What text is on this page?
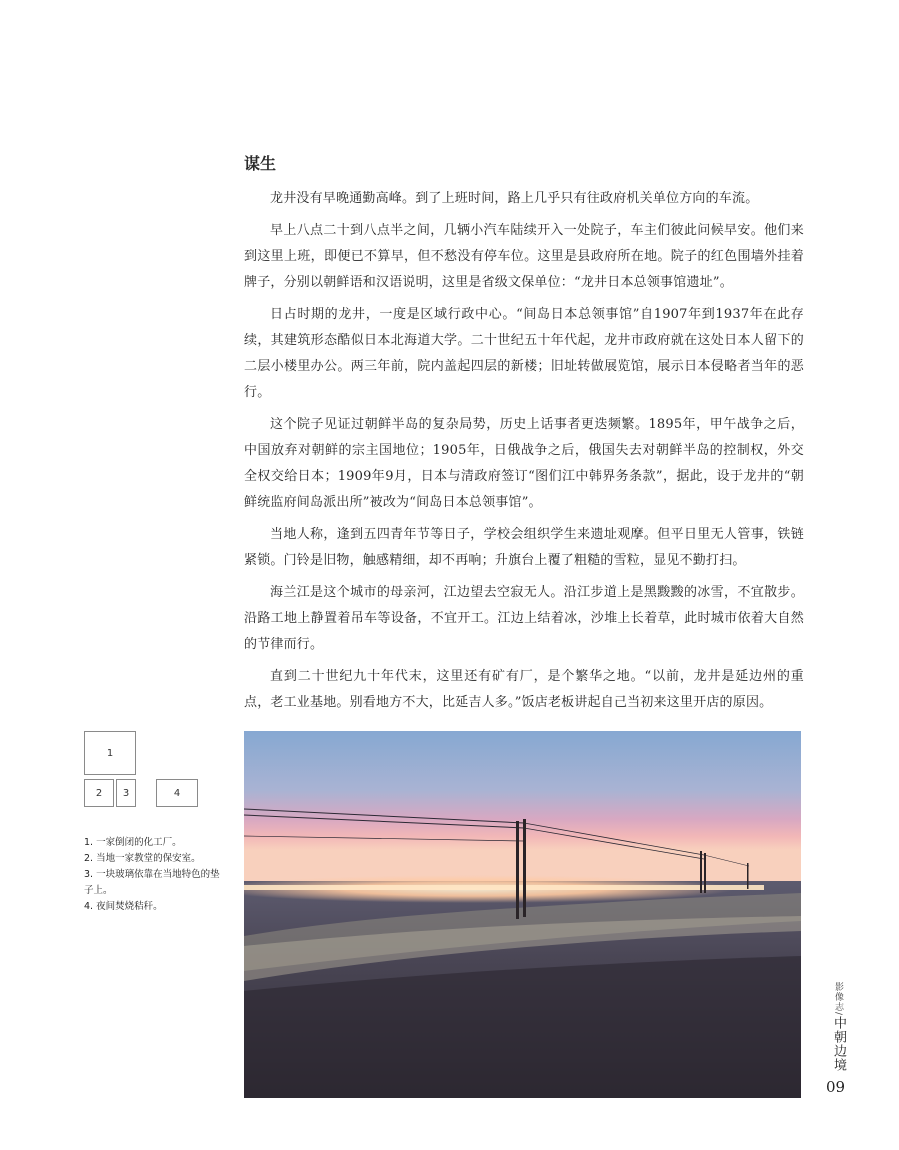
谋生

龙井没有早晚通勤高峰。到了上班时间，路上几乎只有往政府机关单位方向的车流。

早上八点二十到八点半之间，几辆小汽车陆续开入一处院子，车主们彼此问候早安。他们来到这里上班，即便已不算早，但不愁没有停车位。这里是县政府所在地。院子的红色围墙外挂着牌子，分别以朝鲜语和汉语说明，这里是省级文保单位：“龙井日本总领事馆遗址”。

日占时期的龙井，一度是区域行政中心。“间岛日本总领事馆”自1907年到1937年在此存续，其建筑形态酷似日本北海道大学。二十世纪五十年代起，龙井市政府就在这处日本人留下的二层小楼里办公。两三年前，院内盖起四层的新楼；旧址转做展览馆，展示日本侵略者当年的恶行。

这个院子见证过朝鲜半岛的复杂局势，历史上话事者更迭频繁。1895年，甲午战争之后，中国放弃对朝鲜的宗主国地位；1905年，日俄战争之后，俄国失去对朝鲜半岛的控制权，外交全权交给日本；1909年9月，日本与清政府签订“图们江中韩界务条款”，据此，设于龙井的“朝鲜统监府间岛派出所”被改为“间岛日本总领事馆”。

当地人称，逢到五四青年节等日子，学校会组织学生来遗址观摩。但平日里无人管事，铁链紧锁。门铃是旧物，触感精细，却不再响；升旗台上覆了粗糙的雪粒，显见不勤打扫。

海兰江是这个城市的母亲河，江边望去空寂无人。沿江步道上是黑黢黢的冰雪，不宜散步。沿路工地上静置着吊车等设备，不宜开工。江边上结着冰，沙堆上长着草，此时城市依着大自然的节律而行。

直到二十世纪九十年代末，这里还有矿有厂，是个繁华之地。“以前，龙井是延边州的重点，老工业基地。别看地方不大，比延吉人多。”饭店老板讲起自己当初来这里开店的原因。

1
2	3	4
1. 一家倒闭的化工厂。
2. 当地一家教堂的保安室。
3. 一块玻璃依靠在当地特色的垫子上。
4. 夜间焚烧秸秆。
影像志/中朝边境
09
